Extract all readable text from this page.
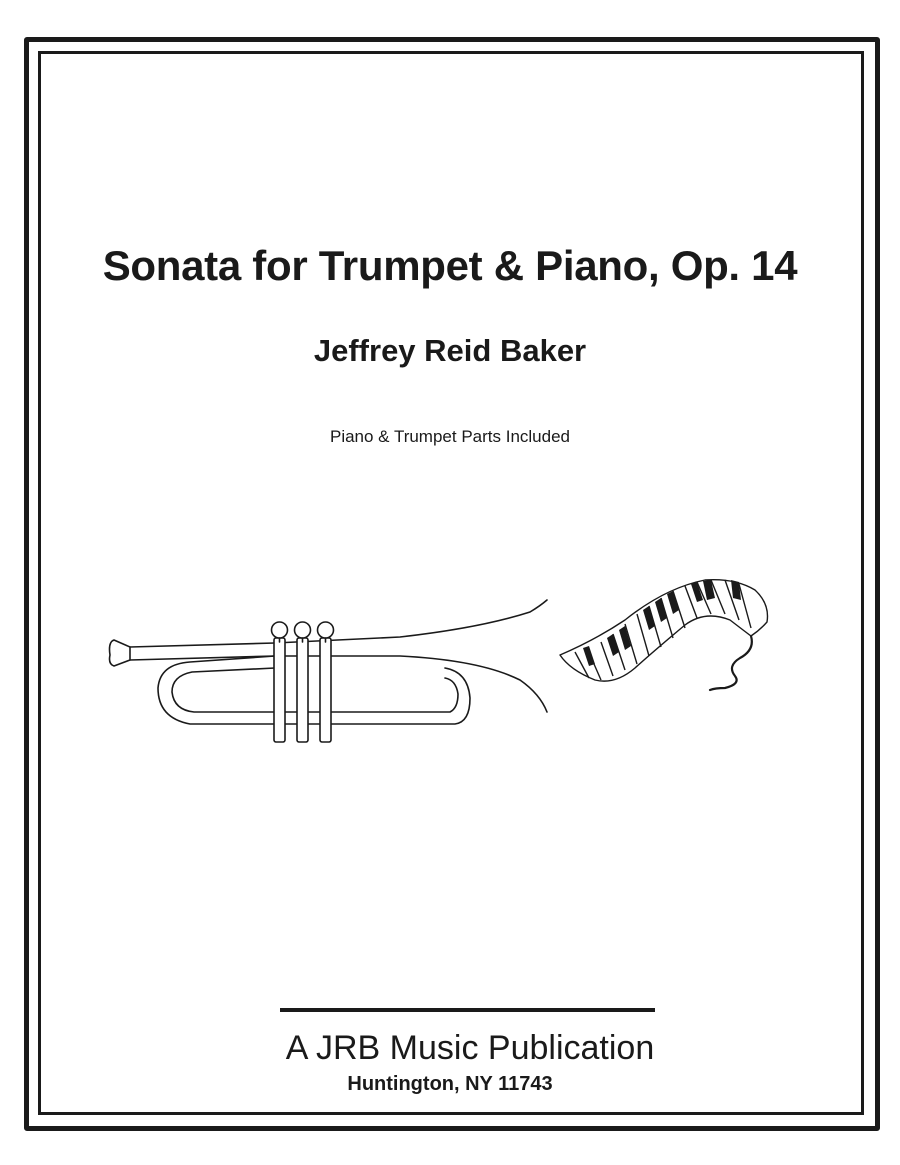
Sonata for Trumpet & Piano, Op. 14
Jeffrey Reid Baker

Piano & Trumpet Parts Included

A JRB Music Publication

Huntington, NY 11743
